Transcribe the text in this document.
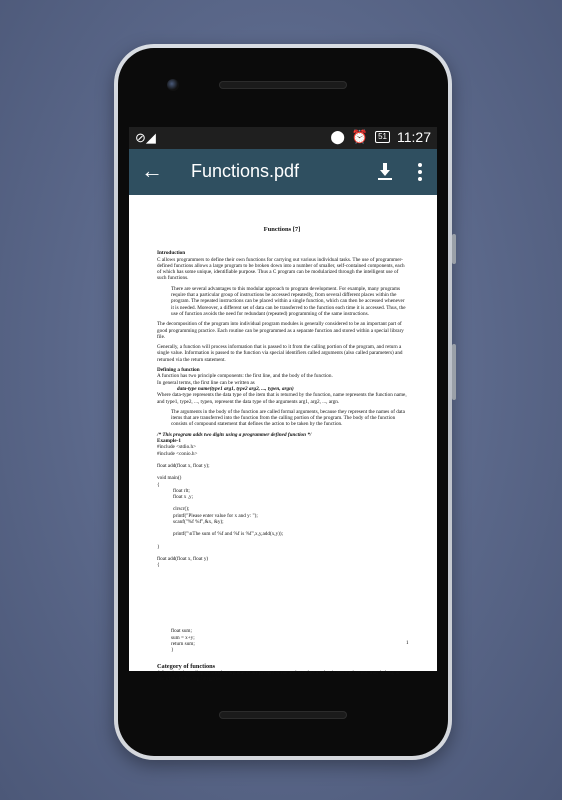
⊘◢	⬤ ⏰	51 11:27
← Functions.pdf
Functions [7]
Introduction

C allows programmers to define their own functions for carrying out various individual tasks. The use of programmer-defined functions allows a large program to be broken down into a number of smaller, self-contained components, each of which has some unique, identifiable purpose. Thus a C program can be modularized through the intelligent use of such functions.

There are several advantages to this modular approach to program development. For example, many programs require that a particular group of instructions be accessed repeatedly, from several different places within the program. The repeated instructions can be placed within a single function, which can then be accessed whenever it is needed. Moreover, a different set of data can be transferred to the function each time it is accessed. Thus, the use of function avoids the need for redundant (repeated) programming of the same instructions.

The decomposition of the program into individual program modules is generally considered to be an important part of good programming practice. Each routine can be programmed as a separate function and stored within a special library file.

Generally, a function will process information that is passed to it from the calling portion of the program, and return a single value. Information is passed to the function via special identifiers called arguments (also called parameters) and returned via the return statement.

Defining a function
A function has two principle components: the first line, and the body of the function.
In general terms, the first line can be written as
data-type name(type1 arg1, type2 arg2, ..., typen, argn)

Where data-type represents the data type of the item that is returned by the function, name represents the function name, and type1, type2, ..., typen, represent the data type of the arguments arg1, arg2, ..., argn.

The arguments in the body of the function are called formal arguments, because they represent the names of data items that are transferred into the function from the calling portion of the program. The body of the function consists of compound statement that defines the action to be taken by the function.

/* This program adds two digits using a programmer defined function */
Example-1
#include <stdio.h>
#include <conio.h>
float add(float x, float y);
void main()
{
float rlt;
float x ,y;
clrscr();
printf("Please enter value for x and y: ");
scanf("%f %f",&x, &y);
printf("\nThe sum of %f and %f is %f",x,y,add(x,y));
}
float add(float x, float y)
{
float sum;
sum = x+y;
return sum;
}
Category of functions
A function, depending on weather arguments are present or not and weather a value is returned or not, may belong to one of the following categories
1
